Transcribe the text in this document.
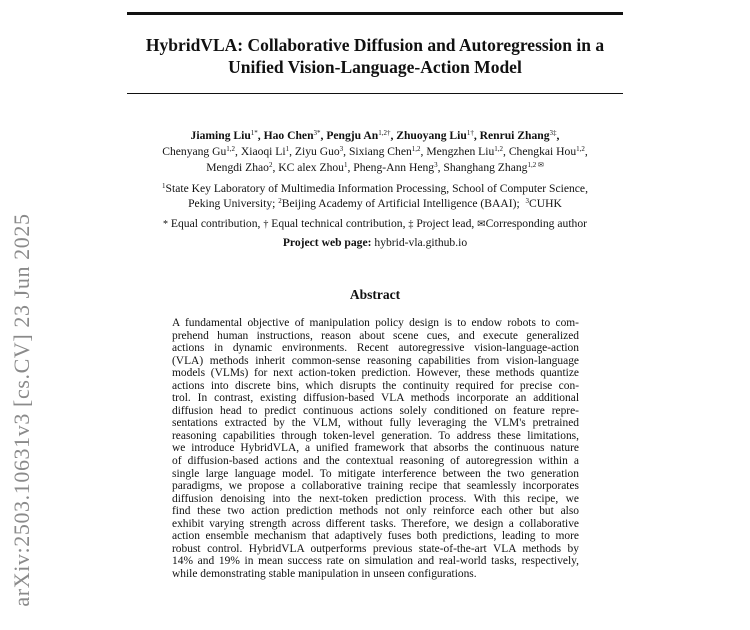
HybridVLA: Collaborative Diffusion and Autoregression in a
Unified Vision-Language-Action Model
arXiv:2503.10631v3 [cs.CV] 23 Jun 2025
Jiaming Liu$^{1*}$, Hao Chen$^{3*}$, Pengju $An^{1,2\dagger}$, Zhuoyang Liu$^{1\dagger}$, Renrui Zhang$^{3\ddagger}$,
Chenyang Gu$^{1,2}$, Xiaoqi Li$^1$, Ziyu Guo$^3$, Sixiang Chen$^{1,2}$, Mengzhen Liu$^{1,2}$, Chengkai Hou$^{1,2}$,
Mengdi Zhao$^2$, KC alex Zhou$^1$, Pheng-Ann Heng$^3$, Shanghang Zhang$^{1,2 ✉}$
$^1$State Key Laboratory of Multimedia Information Processing, School of Computer Science,
Peking University; $^2$Beijing Academy of Artificial Intelligence (BAAI); $^3$CUHK
* Equal contribution, † Equal technical contribution, ‡ Project lead, ✉Corresponding author
Project web page: hybrid-vla.github.io
Abstract
A fundamental objective of manipulation policy design is to endow robots to com-
prehend human instructions, reason about scene cues, and execute generalized
actions in dynamic environments. Recent autoregressive vision-language-action
(VLA) methods inherit common-sense reasoning capabilities from vision-language
models (VLMs) for next action-token prediction. However, these methods quantize
actions into discrete bins, which disrupts the continuity required for precise con-
trol. In contrast, existing diffusion-based VLA methods incorporate an additional
diffusion head to predict continuous actions solely conditioned on feature repre-
sentations extracted by the VLM, without fully leveraging the VLM's pretrained
reasoning capabilities through token-level generation. To address these limitations,
we introduce HybridVLA, a unified framework that absorbs the continuous nature
of diffusion-based actions and the contextual reasoning of autoregression within a
single large language model. To mitigate interference between the two generation
paradigms, we propose a collaborative training recipe that seamlessly incorporates
diffusion denoising into the next-token prediction process. With this recipe, we
find these two action prediction methods not only reinforce each other but also
exhibit varying strength across different tasks. Therefore, we design a collaborative
action ensemble mechanism that adaptively fuses both predictions, leading to more
robust control. HybridVLA outperforms previous state-of-the-art VLA methods by
14% and 19% in mean success rate on simulation and real-world tasks, respectively,
while demonstrating stable manipulation in unseen configurations.
